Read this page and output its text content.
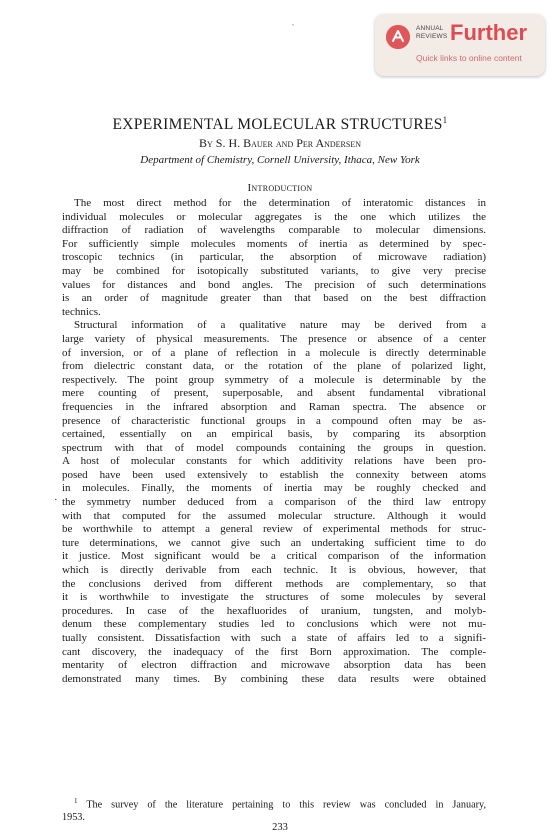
ANNUAL
REVIEWS Further
Quick links to online content
•
EXPERIMENTAL MOLECULAR STRUCTURES$^1$
By S. H. Bauer and Per Andersen
Department of Chemistry, Cornell University, Ithaca, New York
Introduction
The most direct method for the determination of interatomic distances in
individual molecules or molecular aggregates is the one which utilizes the
diffraction of radiation of wavelengths comparable to molecular dimensions.
For sufficiently simple molecules moments of inertia as determined by spec-
troscopic technics (in particular, the absorption of microwave radiation)
may be combined for isotopically substituted variants, to give very precise
values for distances and bond angles. The precision of such determinations
is an order of magnitude greater than that based on the best diffraction
technics.
Structural information of a qualitative nature may be derived from a
large variety of physical measurements. The presence or absence of a center
of inversion, or of a plane of reflection in a molecule is directly determinable
from dielectric constant data, or the rotation of the plane of polarized light,
respectively. The point group symmetry of a molecule is determinable by the
mere counting of present, superposable, and absent fundamental vibrational
frequencies in the infrared absorption and Raman spectra. The absence or
presence of characteristic functional groups in a compound often may be as-
certained, essentially on an empirical basis, by comparing its absorption
spectrum with that of model compounds containing the groups in question.
A host of molecular constants for which additivity relations have been pro-
posed have been used extensively to establish the connexity between atoms
in molecules. Finally, the moments of inertia may be roughly checked and
the symmetry number deduced from a comparison of the third law entropy
with that computed for the assumed molecular structure. Although it would
be worthwhile to attempt a general review of experimental methods for struc-
ture determinations, we cannot give such an undertaking sufficient time to do
it justice. Most significant would be a critical comparison of the information
which is directly derivable from each technic. It is obvious, however, that
the conclusions derived from different methods are complementary, so that
it is worthwhile to investigate the structures of some molecules by several
procedures. In case of the hexafluorides of uranium, tungsten, and molyb-
denum these complementary studies led to conclusions which were not mu-
tually consistent. Dissatisfaction with such a state of affairs led to a signifi-
cant discovery, the inadequacy of the first Born approximation. The comple-
mentarity of electron diffraction and microwave absorption data has been
demonstrated many times. By combining these data results were obtained
·
$^1$ The survey of the literature pertaining to this review was concluded in January,
1953.
233
